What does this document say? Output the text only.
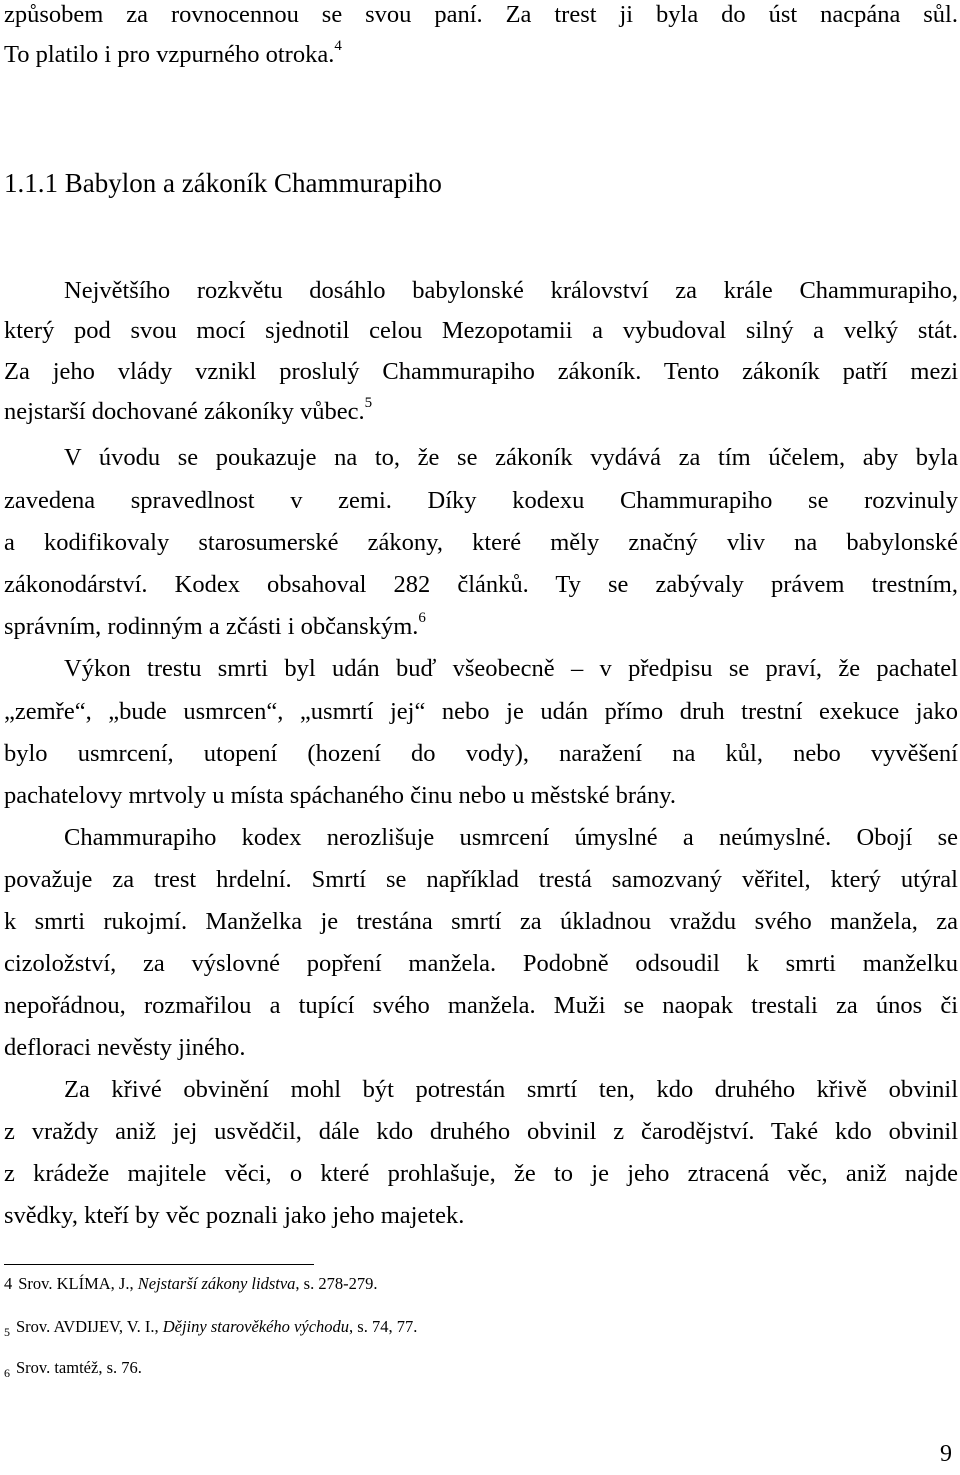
způsobem za rovnocennou se svou paní. Za trest ji byla do úst nacpána sůl.
To platilo i pro vzpurného otroka.$^4$
1.1.1 Babylon a zákoník Chammurapiho
Největšího rozkvětu dosáhlo babylonské království za krále Chammurapiho,
který pod svou mocí sjednotil celou Mezopotamii a vybudoval silný a velký stát.
Za jeho vlády vznikl proslulý Chammurapiho zákoník. Tento zákoník patří mezi
nejstarší dochované zákoníky vůbec.$^5$
V úvodu se poukazuje na to, že se zákoník vydává za tím účelem, aby byla
zavedena spravedlnost v zemi. Díky kodexu Chammurapiho se rozvinuly
a kodifikovaly starosumerské zákony, které měly značný vliv na babylonské
zákonodárství. Kodex obsahoval 282 článků. Ty se zabývaly právem trestním,
správním, rodinným a zčásti i občanským.$^6$
Výkon trestu smrti byl udán buď všeobecně – v předpisu se praví, že pachatel
„zemře“, „bude usmrcen“, „usmrtí jej“ nebo je udán přímo druh trestní exekuce jako
bylo usmrcení, utopení (hození do vody), naražení na kůl, nebo vyvěšení
pachatelovy mrtvoly u místa spáchaného činu nebo u městské brány.
Chammurapiho kodex nerozlišuje usmrcení úmyslné a neúmyslné. Obojí se
považuje za trest hrdelní. Smrtí se například trestá samozvaný věřitel, který utýral
k smrti rukojmí. Manželka je trestána smrtí za úkladnou vraždu svého manžela, za
cizoložství, za výslovné popření manžela. Podobně odsoudil k smrti manželku
nepořádnou, rozmařilou a tupící svého manžela. Muži se naopak trestali za únos či
defloraci nevěsty jiného.
Za křivé obvinění mohl být potrestán smrtí ten, kdo druhého křivě obvinil
z vraždy aniž jej usvědčil, dále kdo druhého obvinil z čarodějství. Také kdo obvinil
z krádeže majitele věci, o které prohlašuje, že to je jeho ztracená věc, aniž najde
svědky, kteří by věc poznali jako jeho majetek.
4 Srov. KLÍMA, J., Nejstarší zákony lidstva, s. 278-279.
$_5$ Srov. AVDIJEV, V. I., Dějiny starověkého východu, s. 74, 77.
$_6$ Srov. tamtéž, s. 76.
9
